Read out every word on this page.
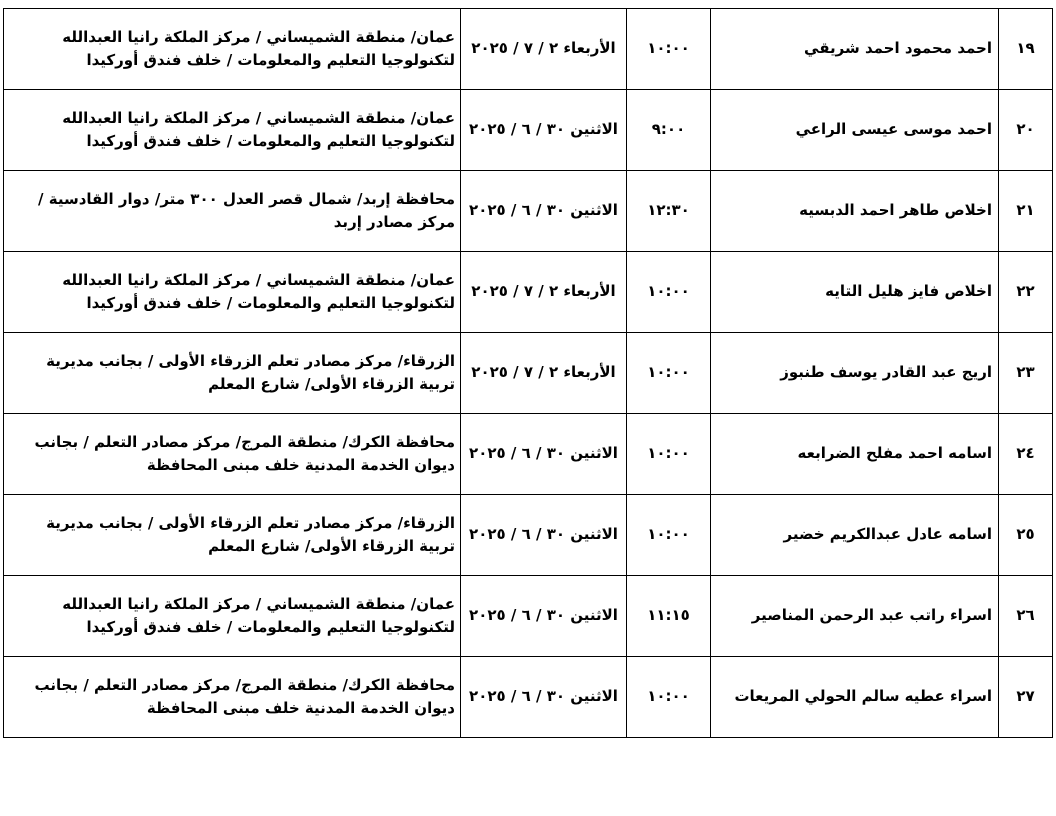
١٩	احمد محمود احمد شريقي	١٠:٠٠	الأربعاء ٢ / ٧ / ٢٠٢٥	عمان/ منطقة الشميساني / مركز الملكة رانيا العبدالله لتكنولوجيا التعليم والمعلومات / خلف فندق أوركيدا
٢٠	احمد موسى عيسى الراعي	٩:٠٠	الاثنين ٣٠ / ٦ / ٢٠٢٥	عمان/ منطقة الشميساني / مركز الملكة رانيا العبدالله لتكنولوجيا التعليم والمعلومات / خلف فندق أوركيدا
٢١	اخلاص طاهر احمد الدبسيه	١٢:٣٠	الاثنين ٣٠ / ٦ / ٢٠٢٥	محافظة إربد/ شمال قصر العدل ٣٠٠ متر/ دوار القادسية / مركز مصادر إربد
٢٢	اخلاص فايز هليل التايه	١٠:٠٠	الأربعاء ٢ / ٧ / ٢٠٢٥	عمان/ منطقة الشميساني / مركز الملكة رانيا العبدالله لتكنولوجيا التعليم والمعلومات / خلف فندق أوركيدا
٢٣	اريج عبد القادر يوسف طنبوز	١٠:٠٠	الأربعاء ٢ / ٧ / ٢٠٢٥	الزرقاء/ مركز مصادر تعلم الزرقاء الأولى / بجانب مديرية تربية الزرقاء الأولى/ شارع المعلم
٢٤	اسامه احمد مفلح الضرابعه	١٠:٠٠	الاثنين ٣٠ / ٦ / ٢٠٢٥	محافظة الكرك/ منطقة المرج/ مركز مصادر التعلم / بجانب ديوان الخدمة المدنية خلف مبنى المحافظة
٢٥	اسامه عادل عبدالكريم خضير	١٠:٠٠	الاثنين ٣٠ / ٦ / ٢٠٢٥	الزرقاء/ مركز مصادر تعلم الزرقاء الأولى / بجانب مديرية تربية الزرقاء الأولى/ شارع المعلم
٢٦	اسراء راتب عبد الرحمن المناصير	١١:١٥	الاثنين ٣٠ / ٦ / ٢٠٢٥	عمان/ منطقة الشميساني / مركز الملكة رانيا العبدالله لتكنولوجيا التعليم والمعلومات / خلف فندق أوركيدا
٢٧	اسراء عطيه سالم الحولي المريعات	١٠:٠٠	الاثنين ٣٠ / ٦ / ٢٠٢٥	محافظة الكرك/ منطقة المرج/ مركز مصادر التعلم / بجانب ديوان الخدمة المدنية خلف مبنى المحافظة
